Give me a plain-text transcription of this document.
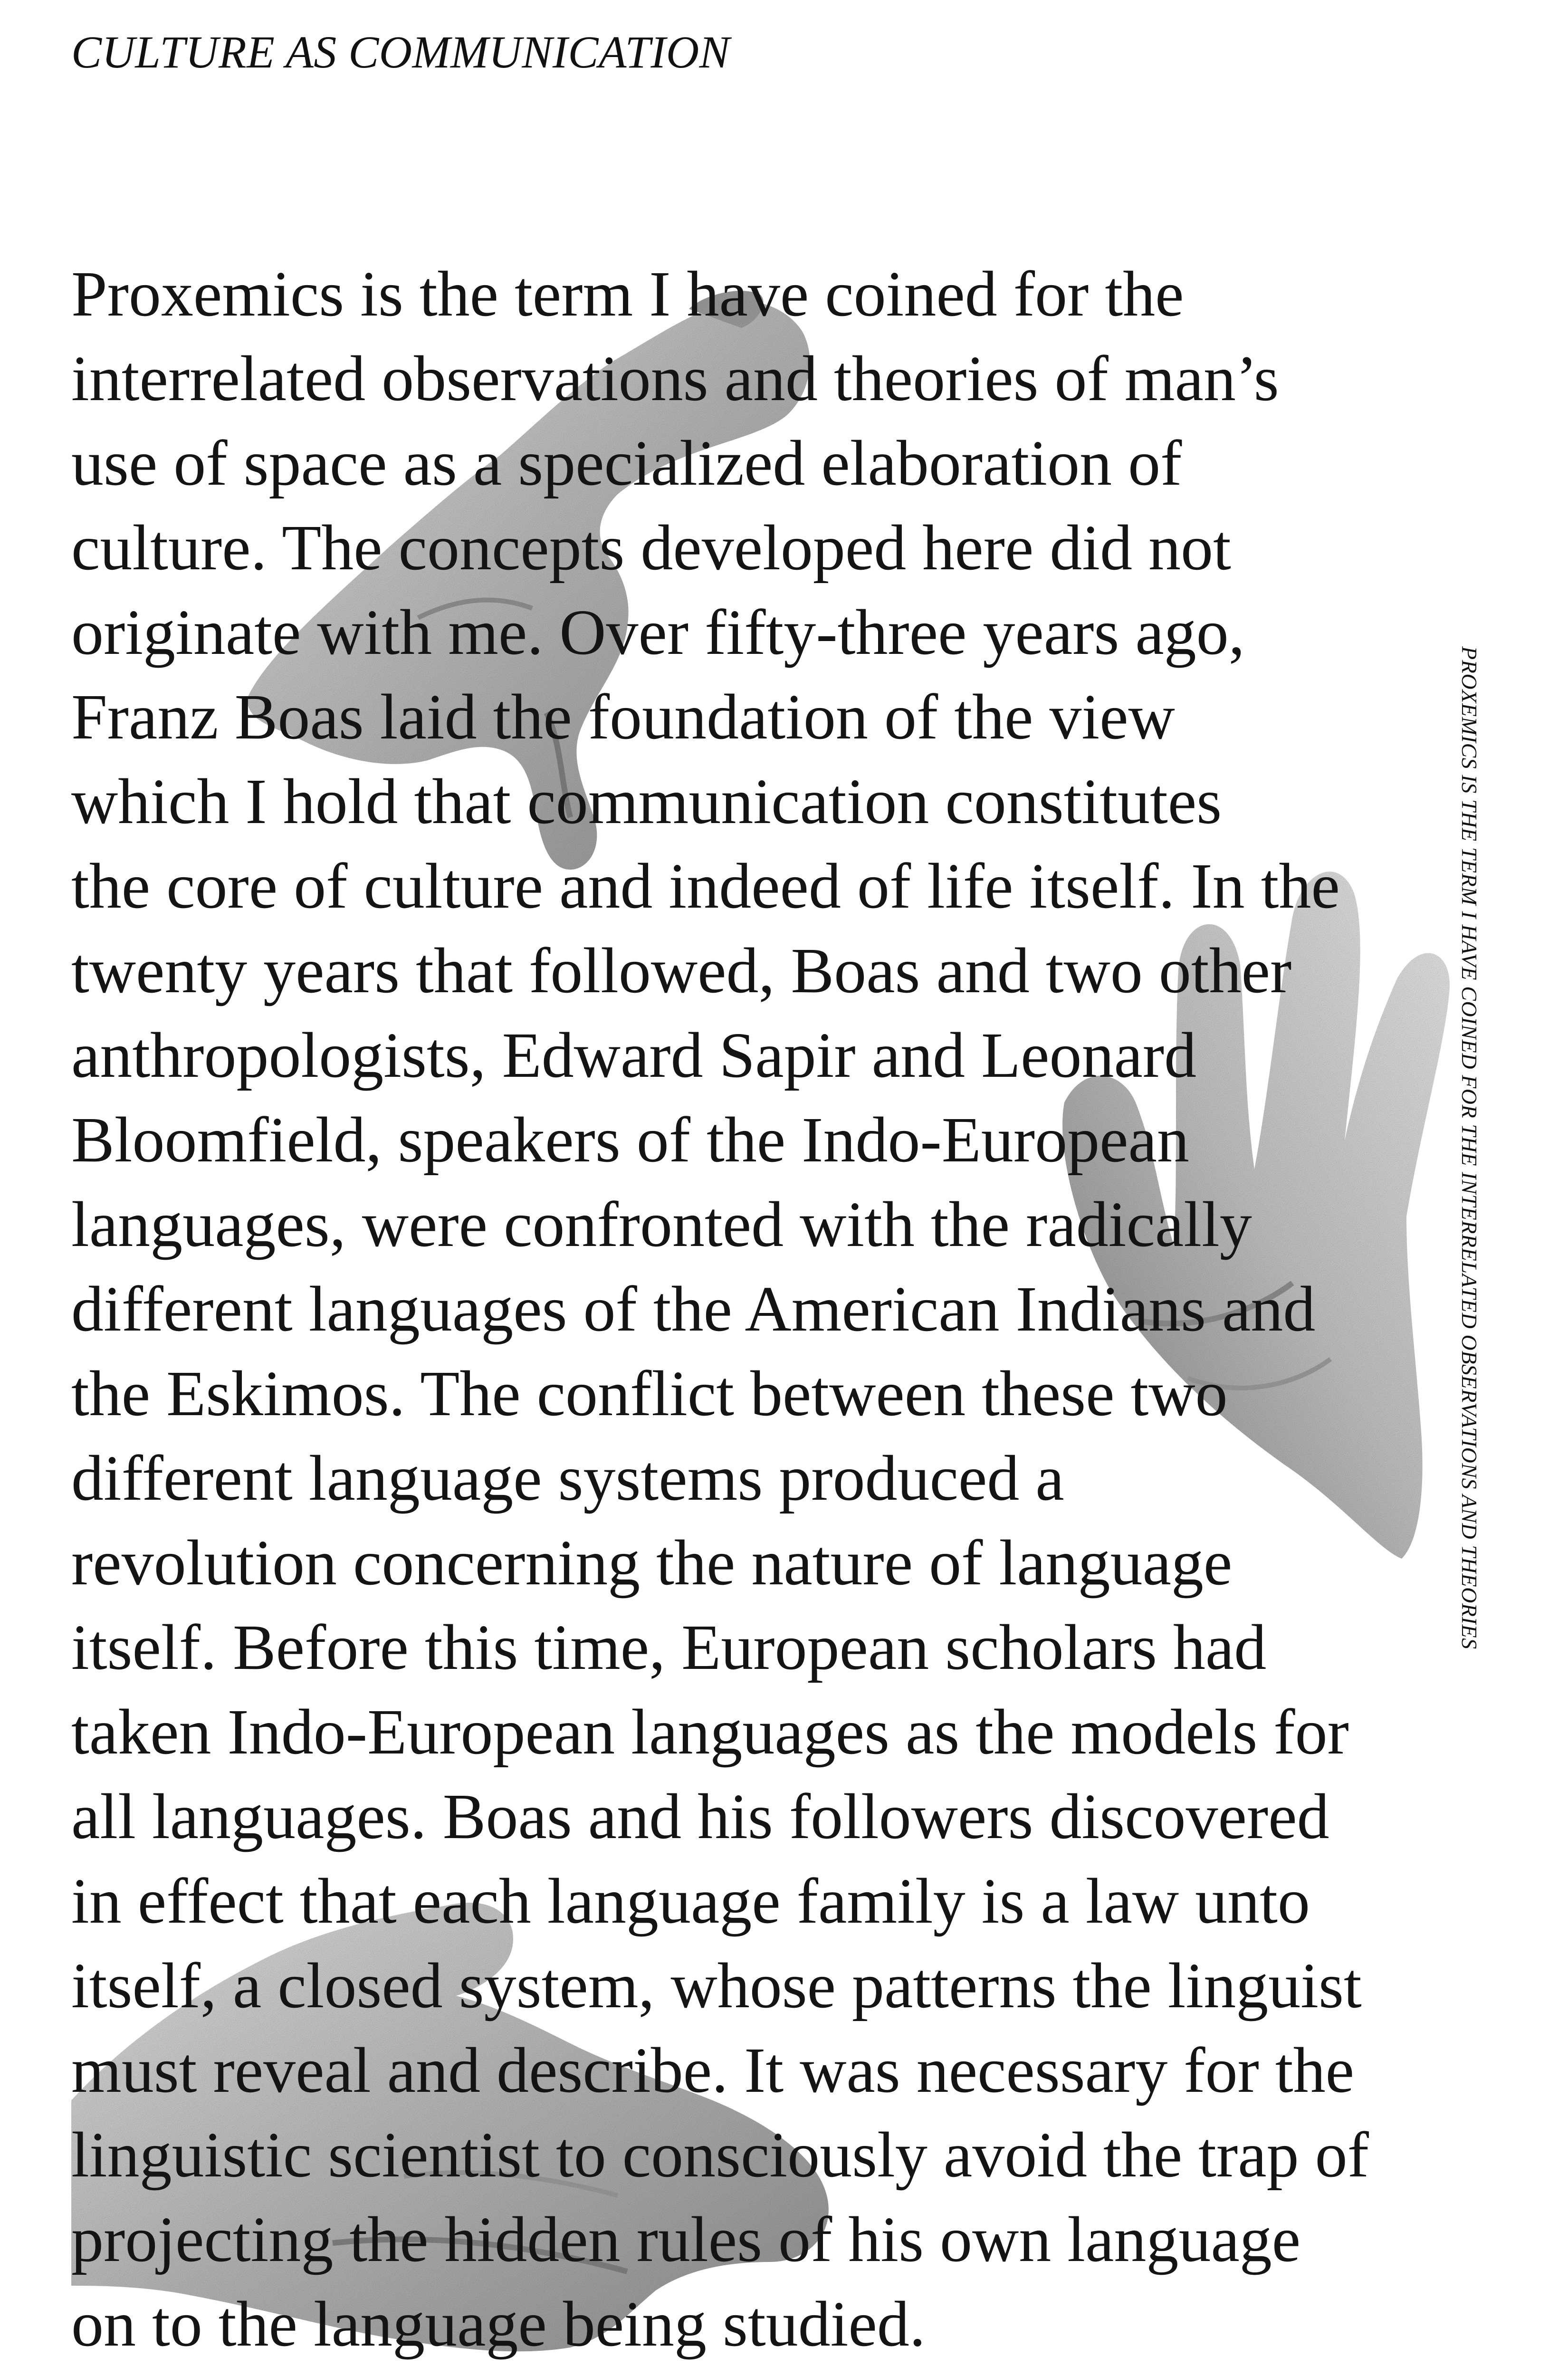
CULTURE AS COMMUNICATION
Proxemics is the term I have coined for the
interrelated observations and theories of man’s
use of space as a specialized elaboration of
culture. The concepts developed here did not
originate with me. Over fifty-three years ago,
Franz Boas laid the foundation of the view
which I hold that communication constitutes
the core of culture and indeed of life itself. In the
twenty years that followed, Boas and two other
anthropologists, Edward Sapir and Leonard
Bloomfield, speakers of the Indo-European
languages, were confronted with the radically
different languages of the American Indians and
the Eskimos. The conflict between these two
different language systems produced a
revolution concerning the nature of language
itself. Before this time, European scholars had
taken Indo-European languages as the models for
all languages. Boas and his followers discovered
in effect that each language family is a law unto
itself, a closed system, whose patterns the linguist
must reveal and describe. It was necessary for the
linguistic scientist to consciously avoid the trap of
projecting the hidden rules of his own language
on to the language being studied.
PROXEMICS IS THE TERM I HAVE COINED FOR THE INTERRELATED OBSERVATIONS AND THEORIES
